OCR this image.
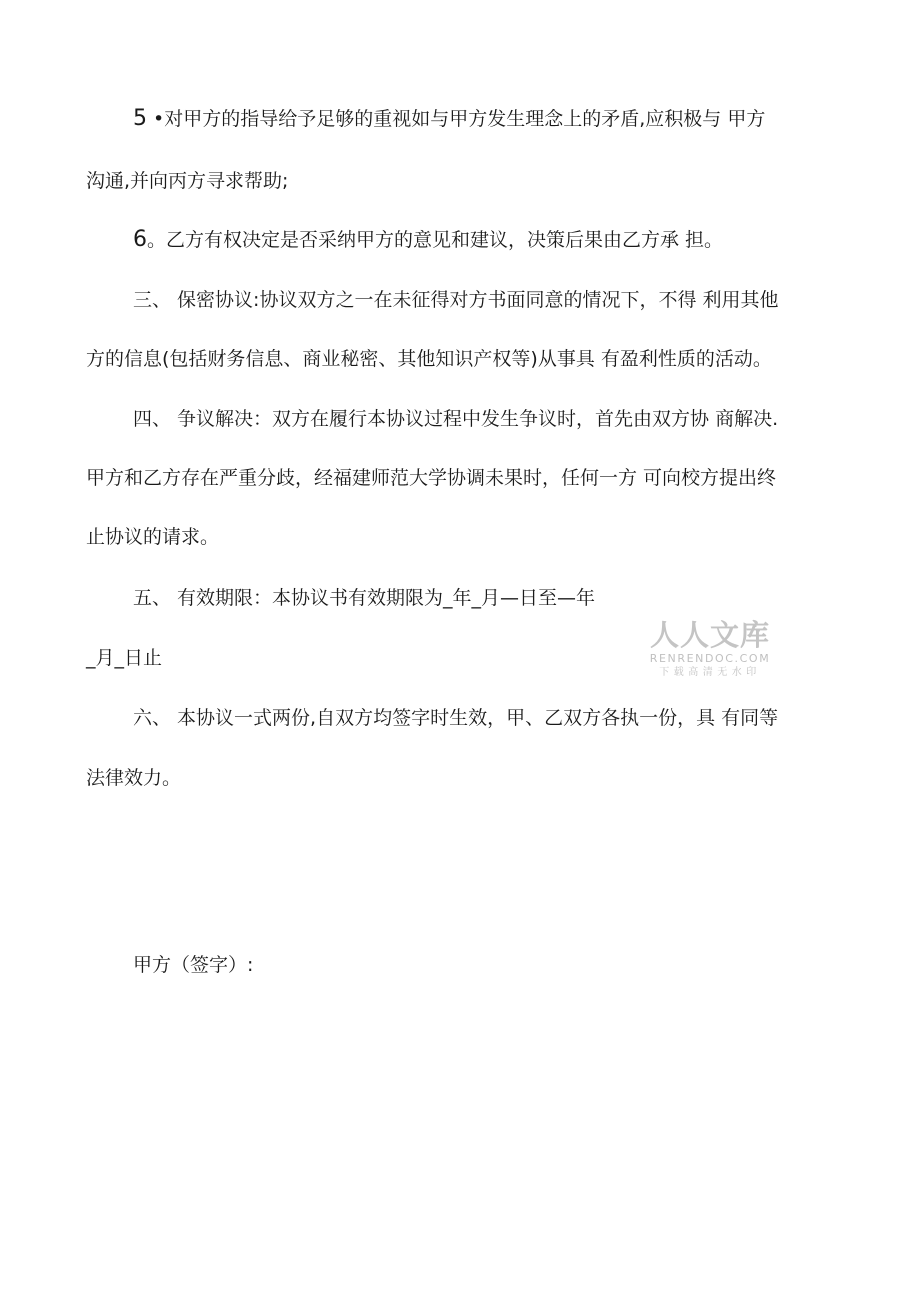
5 •对甲方的指导给予足够的重视如与甲方发生理念上的矛盾,应积极与 甲方
沟通,并向丙方寻求帮助;
6。乙方有权决定是否采纳甲方的意见和建议，决策后果由乙方承 担。
三、 保密协议:协议双方之一在未征得对方书面同意的情况下，不得 利用其他
方的信息(包括财务信息、商业秘密、其他知识产权等)从事具 有盈利性质的活动。
四、 争议解决：双方在履行本协议过程中发生争议时，首先由双方协 商解决.
甲方和乙方存在严重分歧，经福建师范大学协调未果时，任何一方 可向校方提出终
止协议的请求。
五、 有效期限：本协议书有效期限为_年_月—日至—年
_月_日止
六、 本协议一式两份,自双方均签字时生效，甲、乙双方各执一份，具 有同等
法律效力。
甲方（签字）:
人人文库
RENRENDOC.COM
下载高清无水印
